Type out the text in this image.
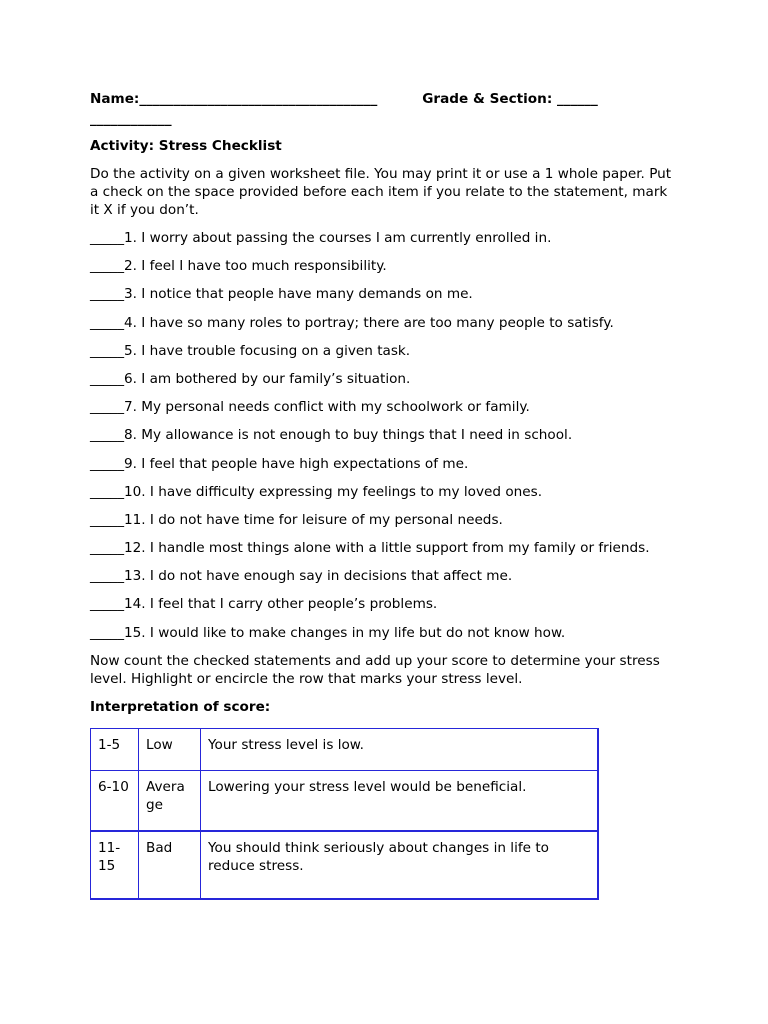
Name:___________________________________	Grade & Section: ______
____________
Activity: Stress Checklist
Do the activity on a given worksheet file. You may print it or use a 1 whole paper. Put a check on the space provided before each item if you relate to the statement, mark it X if you don’t.
_____1. I worry about passing the courses I am currently enrolled in.
_____2. I feel I have too much responsibility.
_____3. I notice that people have many demands on me.
_____4. I have so many roles to portray; there are too many people to satisfy.
_____5. I have trouble focusing on a given task.
_____6. I am bothered by our family’s situation.
_____7. My personal needs conflict with my schoolwork or family.
_____8. My allowance is not enough to buy things that I need in school.
_____9. I feel that people have high expectations of me.
_____10. I have difficulty expressing my feelings to my loved ones.
_____11. I do not have time for leisure of my personal needs.
_____12. I handle most things alone with a little support from my family or friends.
_____13. I do not have enough say in decisions that affect me.
_____14. I feel that I carry other people’s problems.
_____15. I would like to make changes in my life but do not know how.
Now count the checked statements and add up your score to determine your stress level. Highlight or encircle the row that marks your stress level.
Interpretation of score:
1-5	Low	Your stress level is low.
6-10	Avera ge	Lowering your stress level would be beneficial.
11- 15	Bad	You should think seriously about changes in life to reduce stress.
